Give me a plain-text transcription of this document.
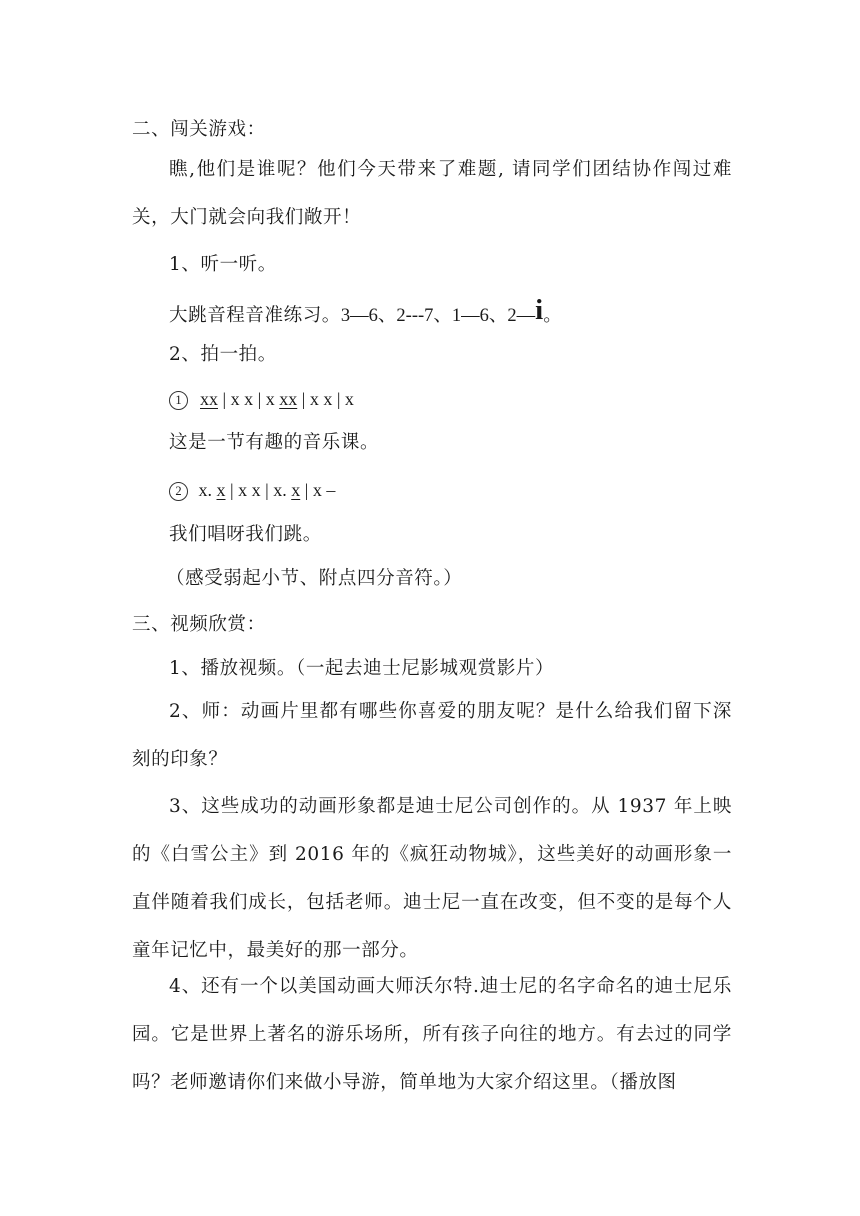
二、闯关游戏：
瞧,他们是谁呢？他们今天带来了难题, 请同学们团结协作闯过难关，大门就会向我们敞开！
1、听一听。
大跳音程音准练习。3—6、2---7、1—6、2—i。
2、拍一拍。
1 xx | x x | x xx | x x | x
这是一节有趣的音乐课。
2 x. x | x x | x. x | x –
我们唱呀我们跳。
（感受弱起小节、附点四分音符。）
三、视频欣赏：
1、播放视频。（一起去迪士尼影城观赏影片）
2、师：动画片里都有哪些你喜爱的朋友呢？是什么给我们留下深刻的印象？
3、这些成功的动画形象都是迪士尼公司创作的。从 1937 年上映的《白雪公主》到 2016 年的《疯狂动物城》，这些美好的动画形象一直伴随着我们成长，包括老师。迪士尼一直在改变，但不变的是每个人童年记忆中，最美好的那一部分。
4、还有一个以美国动画大师沃尔特.迪士尼的名字命名的迪士尼乐园。它是世界上著名的游乐场所，所有孩子向往的地方。有去过的同学吗？老师邀请你们来做小导游，简单地为大家介绍这里。（播放图
